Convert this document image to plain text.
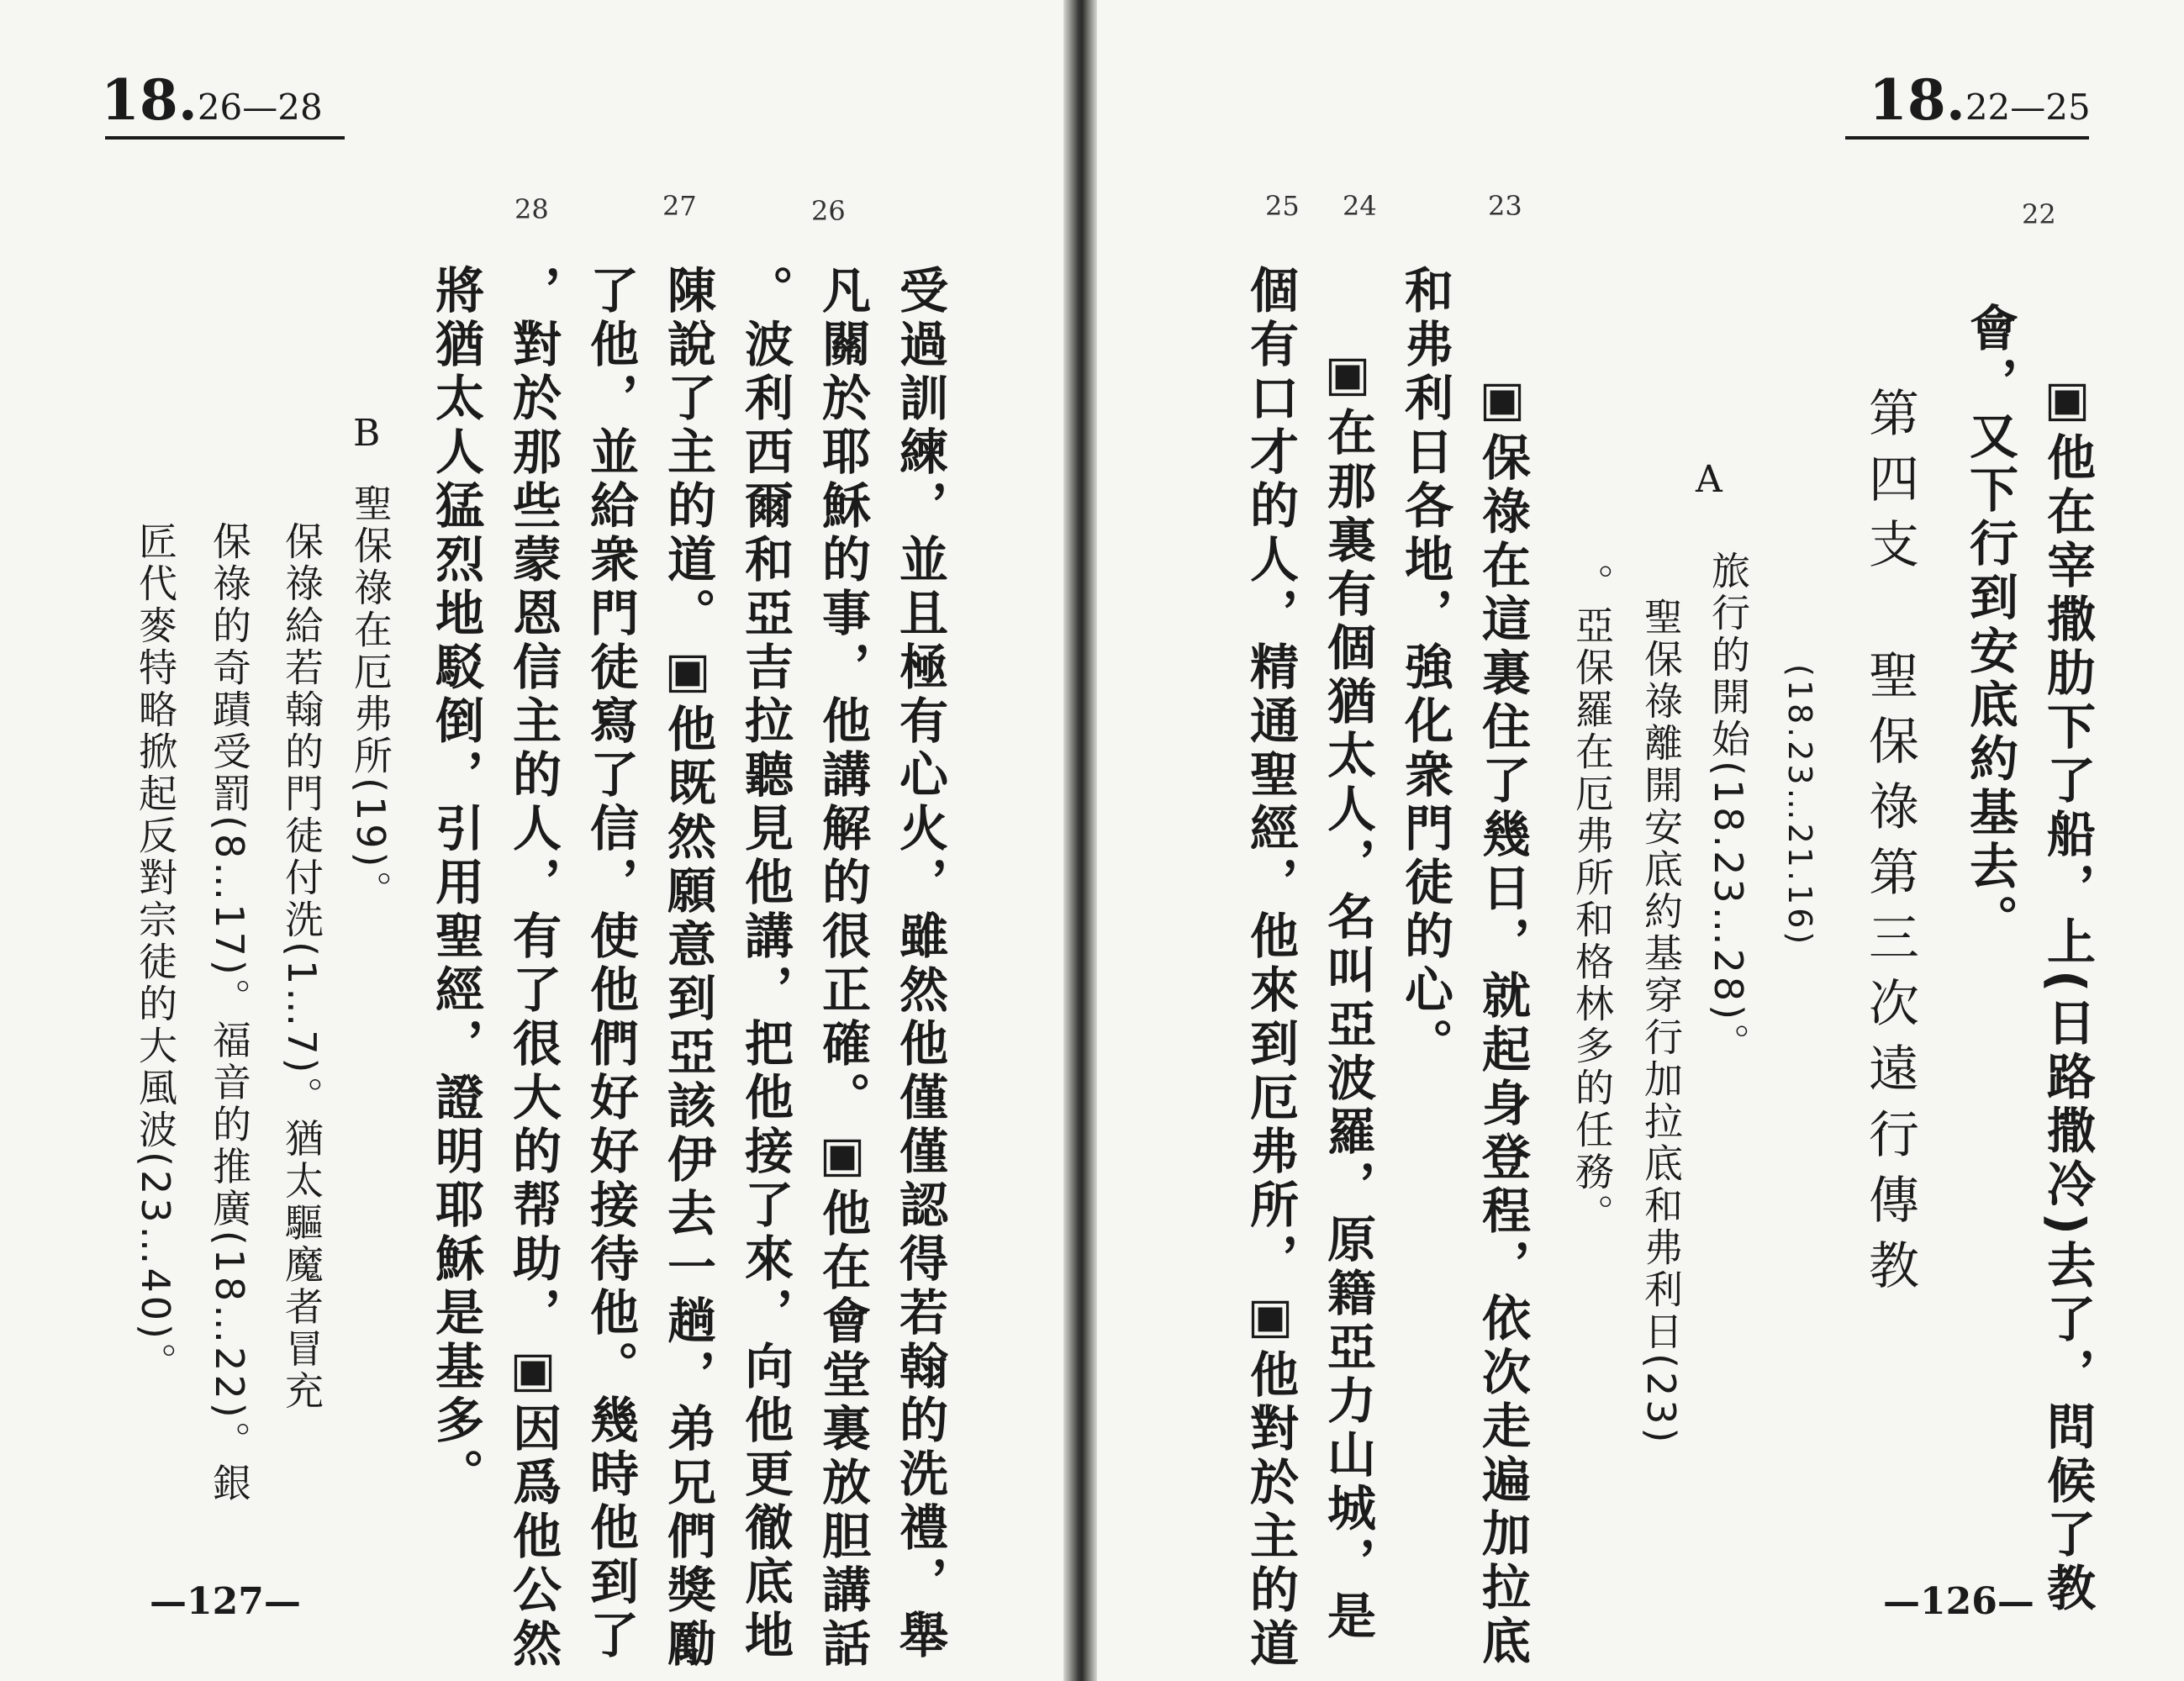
18.26—28
26
27
28
受過訓練，並且極有心火，雖然他僅僅認得若翰的洗禮，舉
凡關於耶穌的事，他講解的很正確。▣他在會堂裏放胆講話
。波利西爾和亞吉拉聽見他講，把他接了來，向他更徹底地
陳說了主的道。▣他既然願意到亞該伊去一趟，弟兄們獎勵
了他，並給衆門徒寫了信，使他們好好接待他。幾時他到了
，對於那些蒙恩信主的人，有了很大的帮助，▣因爲他公然
將猶太人猛烈地駁倒，引用聖經，證明耶穌是基多。
B
聖保祿在厄弗所(19)。
保祿給若翰的門徒付洗(1…7)。猶太驅魔者冒充
保祿的奇蹟受罰(8…17)。福音的推廣(18…22)。銀
匠代麥特略掀起反對宗徒的大風波(23…40)。
—127—
18.22—25
22
23
24
25
▣他在宰撒肋下了船，上(日路撒冷)去了，問候了教
會，又下行到安底約基去。
第四支　聖保祿第三次遠行傳教
(18.23…21.16)
A
旅行的開始(18.23…28)。
聖保祿離開安底約基穿行加拉底和弗利日(23)
。亞保羅在厄弗所和格林多的任務。
▣保祿在這裏住了幾日，就起身登程，依次走遍加拉底
和弗利日各地，強化衆門徒的心。
▣在那裏有個猶太人，名叫亞波羅，原籍亞力山城，是
個有口才的人，精通聖經，他來到厄弗所，▣他對於主的道	—126—
